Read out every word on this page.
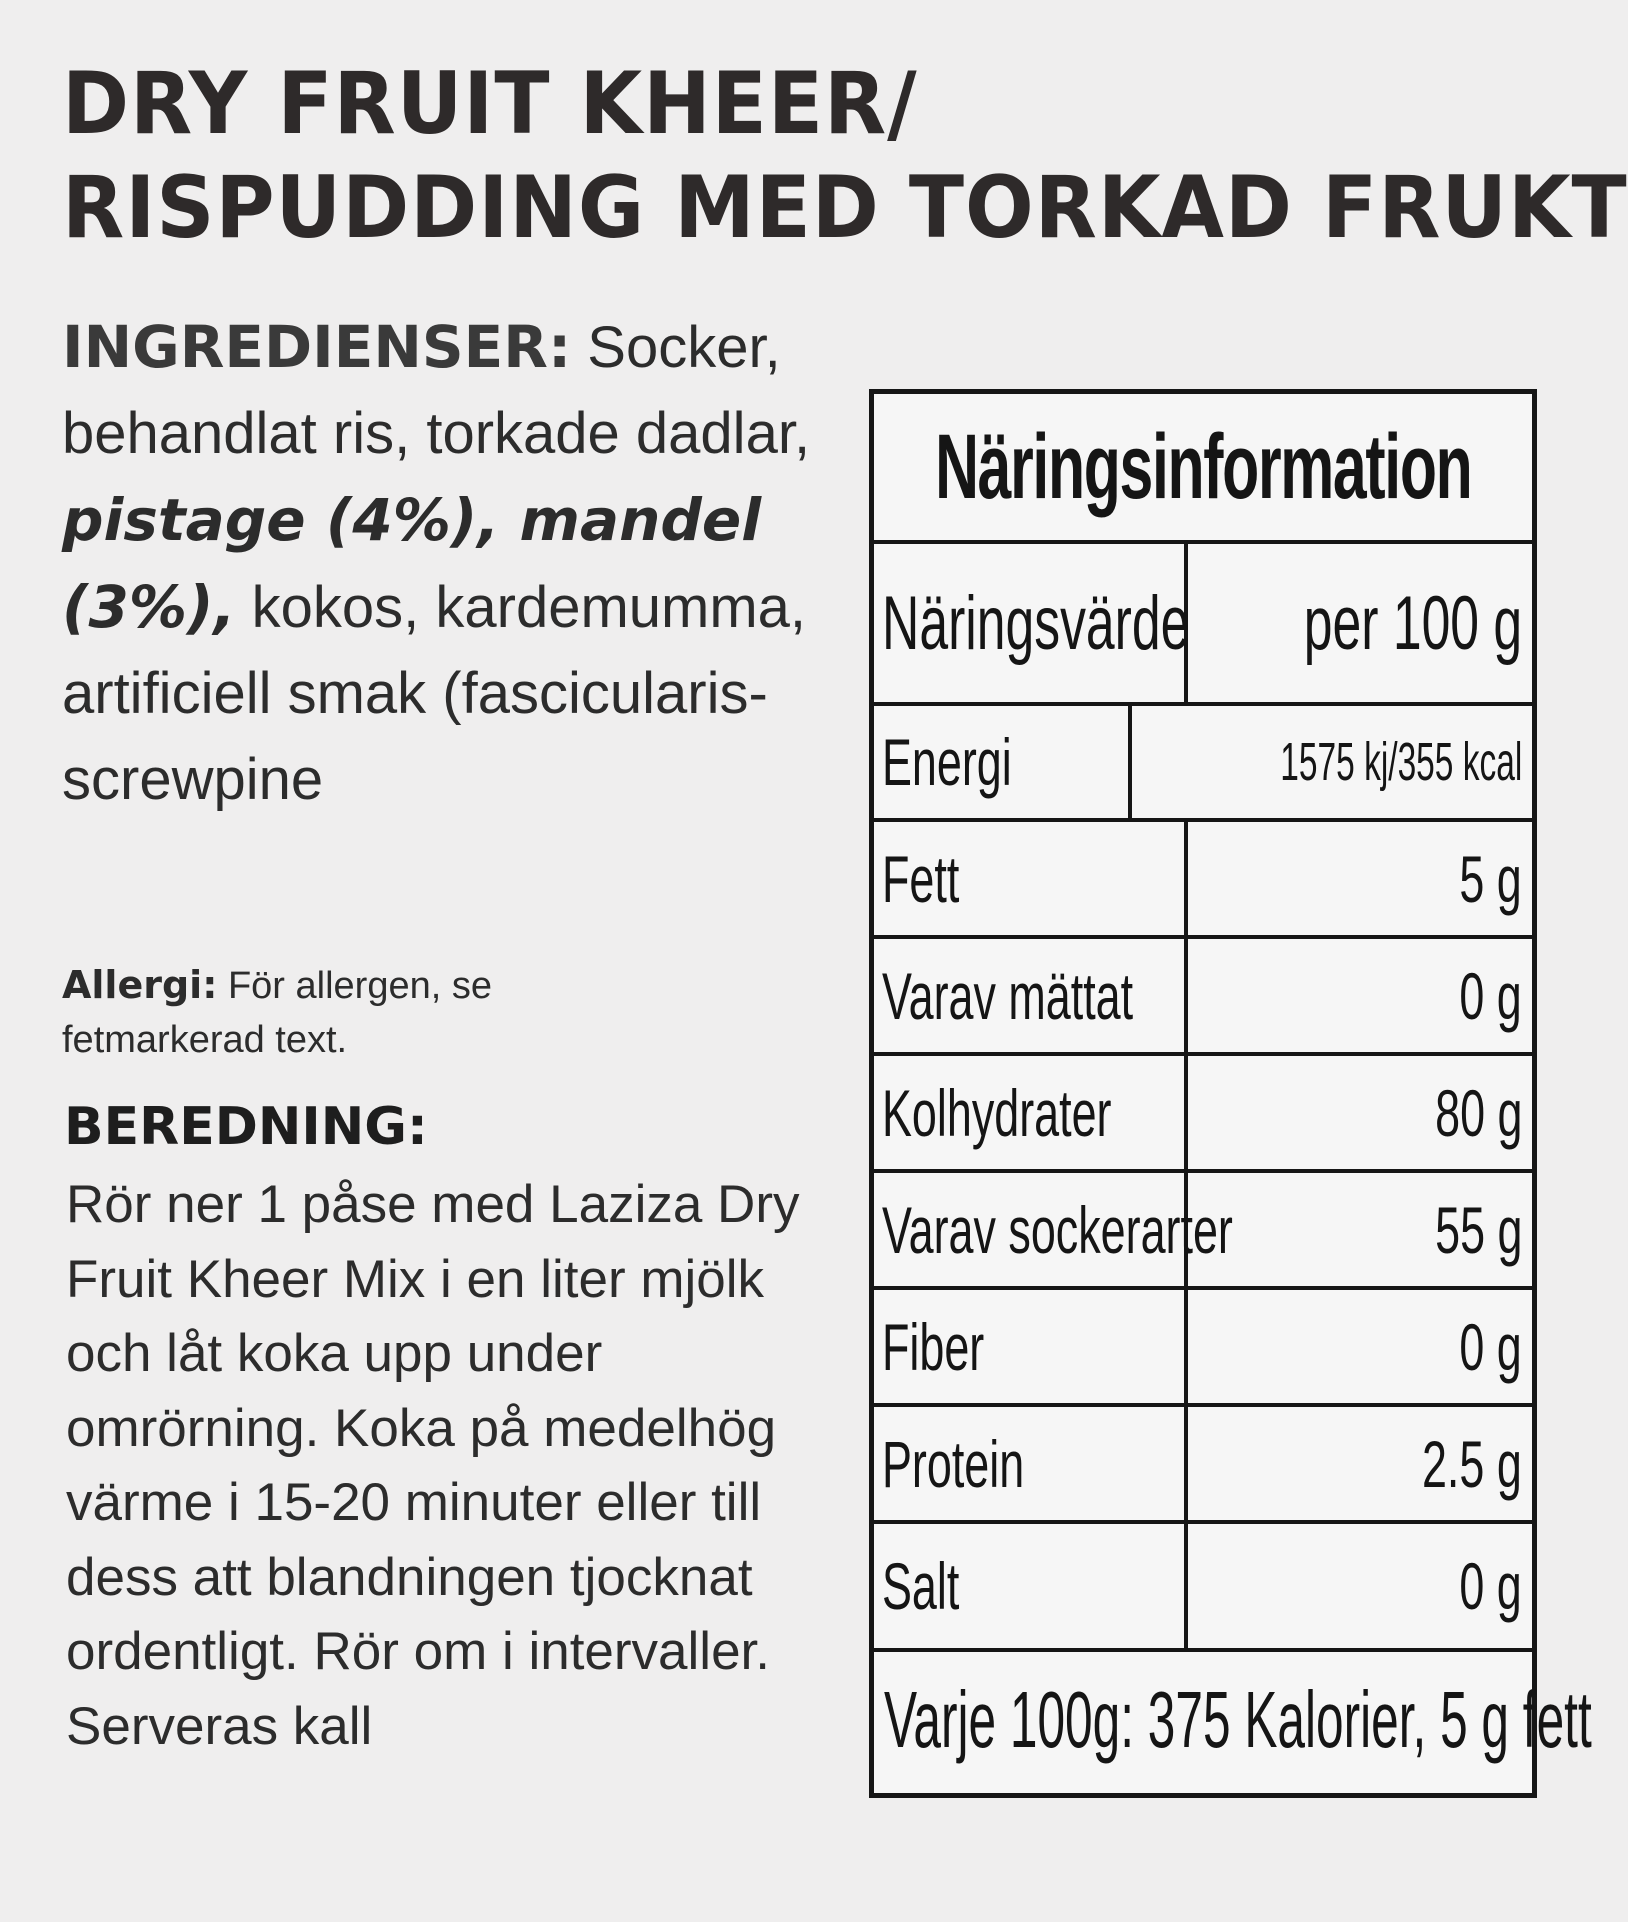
DRY FRUIT KHEER/
RISPUDDING MED TORKAD FRUKT
INGREDIENSER: Socker, behandlat ris, torkade dadlar, pistage (4%), mandel (3%), kokos, kardemumma, artificiell smak (fascicularis-screwpine
Allergi: För allergen, se fetmarkerad text.
BEREDNING:
Rör ner 1 påse med Laziza Dry Fruit Kheer Mix i en liter mjölk och låt koka upp under omrörning. Koka på medelhög värme i 15-20 minuter eller till dess att blandningen tjocknat ordentligt. Rör om i intervaller. Serveras kall
Näringsinformation
Näringsvärde per 100 g
Energi	1575 kj/355 kcal
Fett	5 g
Varav mättat	0 g
Kolhydrater	80 g
Varav sockerarter	55 g
Fiber	0 g
Protein	2.5 g
Salt	0 g
Varje 100g: 375 Kalorier, 5 g fett
